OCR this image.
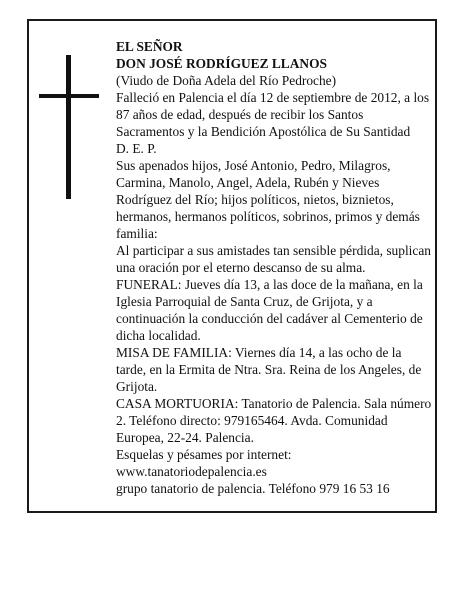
EL SEÑOR

DON JOSÉ RODRÍGUEZ LLANOS

(Viudo de Doña Adela del Río Pedroche)

Falleció en Palencia el día 12 de septiembre de 2012, a los 87 años de edad, después de recibir los Santos Sacramentos y la Bendición Apostólica de Su Santidad

D. E. P.

Sus apenados hijos, José Antonio, Pedro, Milagros, Carmina, Manolo, Angel, Adela, Rubén y Nieves Rodríguez del Río; hijos políticos, nietos, biznietos, hermanos, hermanos políticos, sobrinos, primos y demás familia:

Al participar a sus amistades tan sensible pérdida, suplican una oración por el eterno descanso de su alma.

FUNERAL: Jueves día 13, a las doce de la mañana, en la Iglesia Parroquial de Santa Cruz, de Grijota, y a continuación la conducción del cadáver al Cementerio de dicha localidad.

MISA DE FAMILIA: Viernes día 14, a las ocho de la tarde, en la Ermita de Ntra. Sra. Reina de los Angeles, de Grijota.

CASA MORTUORIA: Tanatorio de Palencia. Sala número 2. Teléfono directo: 979165464. Avda. Comunidad Europea, 22-24. Palencia.

Esquelas y pésames por internet:

www.tanatoriodepalencia.es

grupo tanatorio de palencia. Teléfono 979 16 53 16
